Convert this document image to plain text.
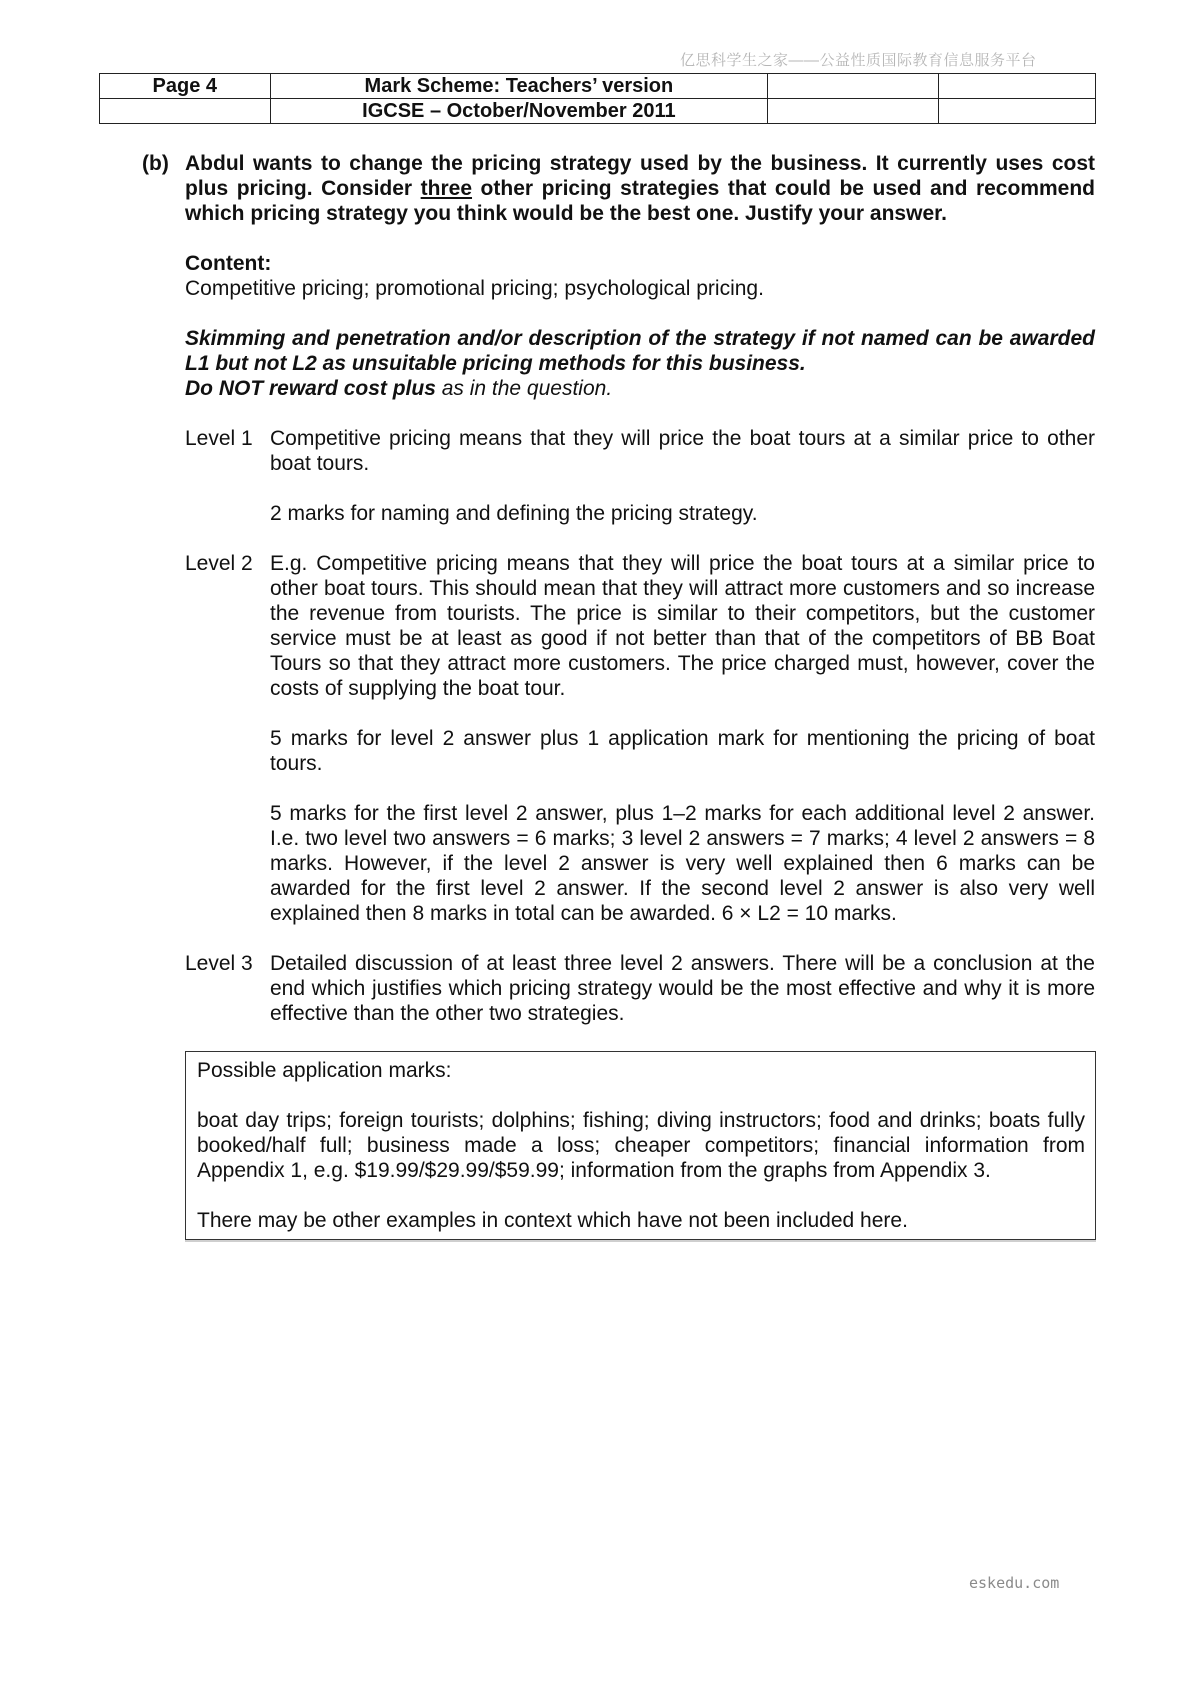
亿思科学生之家——公益性质国际教育信息服务平台
Page 4	Mark Scheme: Teachers’ version		
	IGCSE – October/November 2011		
(b) Abdul wants to change the pricing strategy used by the business. It currently uses cost plus pricing. Consider three other pricing strategies that could be used and recommend which pricing strategy you think would be the best one. Justify your answer.

Content:

Competitive pricing; promotional pricing; psychological pricing.

Skimming and penetration and/or description of the strategy if not named can be awarded L1 but not L2 as unsuitable pricing methods for this business.

Do NOT reward cost plus as in the question.

Level 1 Competitive pricing means that they will price the boat tours at a similar price to other boat tours.

2 marks for naming and defining the pricing strategy.

Level 2 E.g. Competitive pricing means that they will price the boat tours at a similar price to other boat tours. This should mean that they will attract more customers and so increase the revenue from tourists. The price is similar to their competitors, but the customer service must be at least as good if not better than that of the competitors of BB Boat Tours so that they attract more customers. The price charged must, however, cover the costs of supplying the boat tour.

5 marks for level 2 answer plus 1 application mark for mentioning the pricing of boat tours.

5 marks for the first level 2 answer, plus 1–2 marks for each additional level 2 answer. I.e. two level two answers = 6 marks; 3 level 2 answers = 7 marks; 4 level 2 answers = 8 marks. However, if the level 2 answer is very well explained then 6 marks can be awarded for the first level 2 answer. If the second level 2 answer is also very well explained then 8 marks in total can be awarded. 6 × L2 = 10 marks.

Level 3 Detailed discussion of at least three level 2 answers. There will be a conclusion at the end which justifies which pricing strategy would be the most effective and why it is more effective than the other two strategies.

Possible application marks:

boat day trips; foreign tourists; dolphins; fishing; diving instructors; food and drinks; boats fully booked/half full; business made a loss; cheaper competitors; financial information from Appendix 1, e.g. $19.99/$29.99/$59.99; information from the graphs from Appendix 3.

There may be other examples in context which have not been included here.

eskedu.com
